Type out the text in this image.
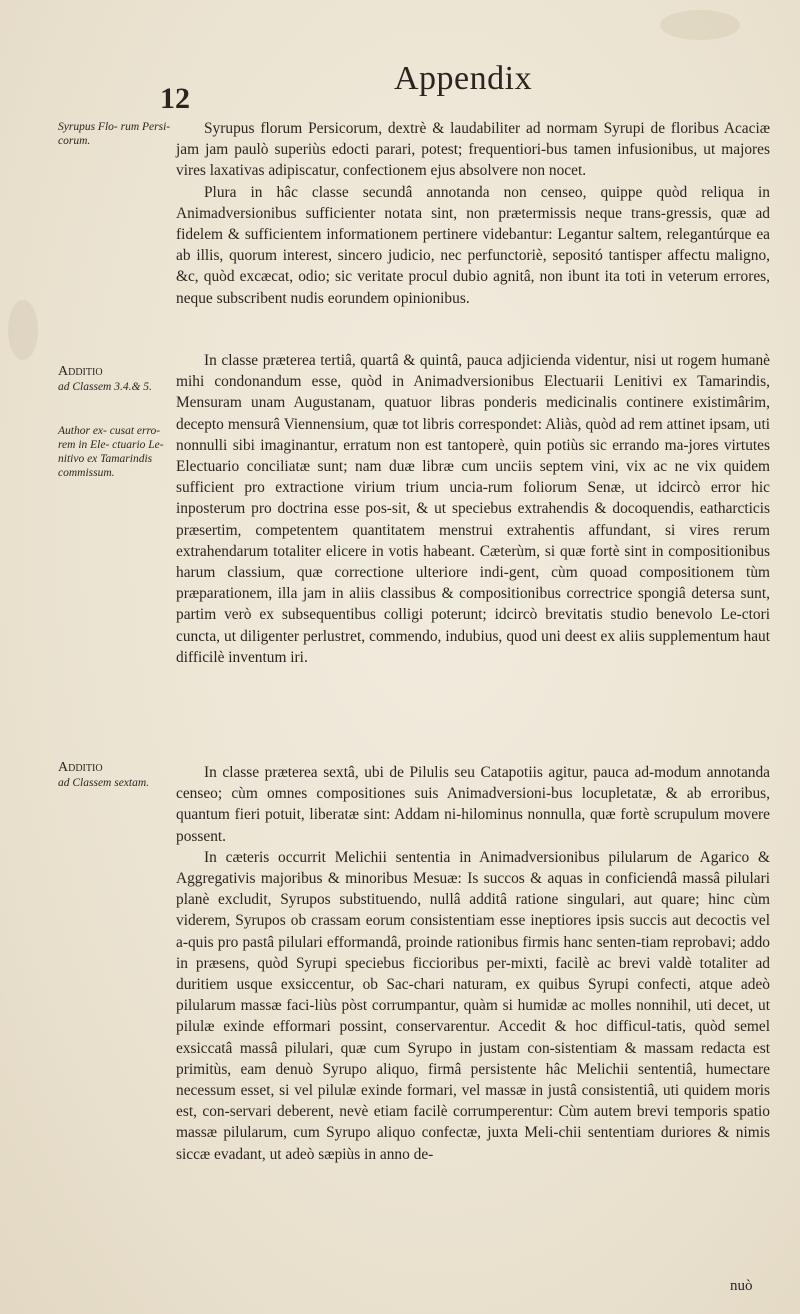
12
Appendix
Syrupus Flo- rum Persi- corum.
Additio
ad Classem 3.4.& 5.
Author ex- cusat erro- rem in Ele- ctuario Le- nitivo ex Tamarindis commissum.
Additio
ad Classem sextam.

Syrupus florum Persicorum, dextrè & laudabiliter ad normam Syrupi de floribus Acaciæ jam jam paulò superiùs edocti parari, potest; frequentiori-bus tamen infusionibus, ut majores vires laxativas adipiscatur, confectionem ejus absolvere non nocet.

Plura in hâc classe secundâ annotanda non censeo, quippe quòd reliqua in Animadversionibus sufficienter notata sint, non prætermissis neque trans-gressis, quæ ad fidelem & sufficientem informationem pertinere videbantur: Legantur saltem, relegantúrque ea ab illis, quorum interest, sincero judicio, nec perfunctoriè, sepositó tantisper affectu maligno, &c, quòd excæcat, odio; sic veritate procul dubio agnitâ, non ibunt ita toti in veterum errores, neque subscribent nudis eorundem opinionibus.

In classe præterea tertiâ, quartâ & quintâ, pauca adjicienda videntur, nisi ut rogem humanè mihi condonandum esse, quòd in Animadversionibus Electuarii Lenitivi ex Tamarindis, Mensuram unam Augustanam, quatuor libras ponderis medicinalis continere existimârim, decepto mensurâ Viennensium, quæ tot libris correspondet: Aliàs, quòd ad rem attinet ipsam, uti nonnulli sibi imaginantur, erratum non est tantoperè, quin potiùs sic errando ma-jores virtutes Electuario conciliatæ sunt; nam duæ libræ cum unciis septem vini, vix ac ne vix quidem sufficient pro extractione virium trium uncia-rum foliorum Senæ, ut idcircò error hic inposterum pro doctrina esse pos-sit, & ut speciebus extrahendis & docoquendis, eatharcticis præsertim, competentem quantitatem menstrui extrahentis affundant, si vires rerum extrahendarum totaliter elicere in votis habeant. Cæterùm, si quæ fortè sint in compositionibus harum classium, quæ correctione ulteriore indi-gent, cùm quoad compositionem tùm præparationem, illa jam in aliis classibus & compositionibus correctrice spongiâ detersa sunt, partim verò ex subsequentibus colligi poterunt; idcircò brevitatis studio benevolo Le-ctori cuncta, ut diligenter perlustret, commendo, indubius, quod uni deest ex aliis supplementum haut difficilè inventum iri.

In classe præterea sextâ, ubi de Pilulis seu Catapotiis agitur, pauca ad-modum annotanda censeo; cùm omnes compositiones suis Animadversioni-bus locupletatæ, & ab erroribus, quantum fieri potuit, liberatæ sint: Addam ni-hilominus nonnulla, quæ fortè scrupulum movere possent.

In cæteris occurrit Melichii sententia in Animadversionibus pilularum de Agarico & Aggregativis majoribus & minoribus Mesuæ: Is succos & aquas in conficiendâ massâ pilulari planè excludit, Syrupos substituendo, nullâ additâ ratione singulari, aut quare; hinc cùm viderem, Syrupos ob crassam eorum consistentiam esse ineptiores ipsis succis aut decoctis vel a-quis pro pastâ pilulari efformandâ, proinde rationibus firmis hanc senten-tiam reprobavi; addo in præsens, quòd Syrupi speciebus ficcioribus per-mixti, facilè ac brevi valdè totaliter ad duritiem usque exsiccentur, ob Sac-chari naturam, ex quibus Syrupi confecti, atque adeò pilularum massæ faci-liùs pòst corrumpantur, quàm si humidæ ac molles nonnihil, uti decet, ut pilulæ exinde efformari possint, conservarentur. Accedit & hoc difficul-tatis, quòd semel exsiccatâ massâ pilulari, quæ cum Syrupo in justam con-sistentiam & massam redacta est primitùs, eam denuò Syrupo aliquo, firmâ persistente hâc Melichii sententiâ, humectare necessum esset, si vel pilulæ exinde formari, vel massæ in justâ consistentiâ, uti quidem moris est, con-servari deberent, nevè etiam facilè corrumperentur: Cùm autem brevi temporis spatio massæ pilularum, cum Syrupo aliquo confectæ, juxta Meli-chii sententiam duriores & nimis siccæ evadant, ut adeò sæpiùs in anno de-

nuò
